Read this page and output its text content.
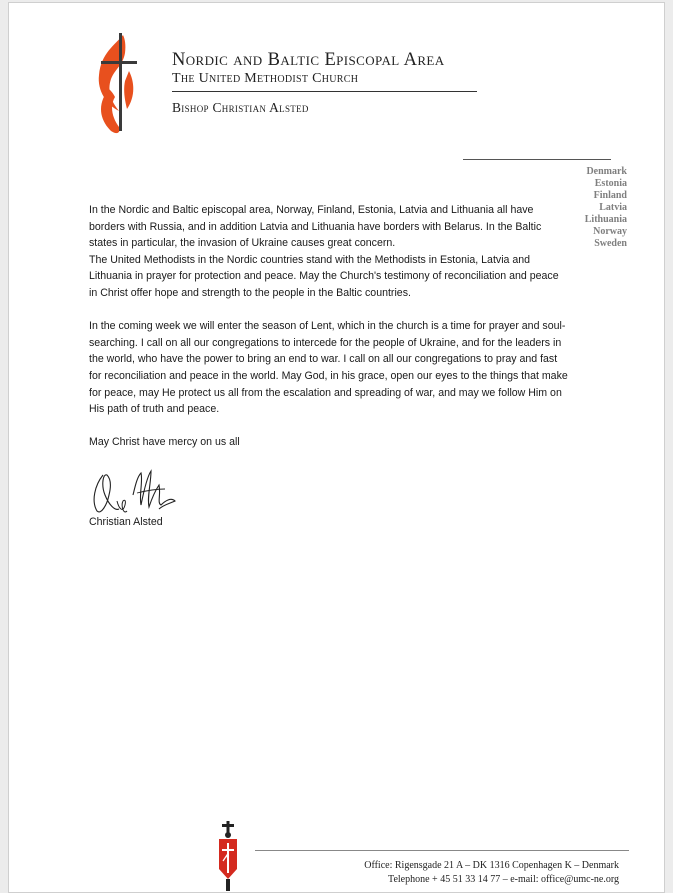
Nordic and Baltic Episcopal Area
The United Methodist Church
Bishop Christian Alsted
Denmark
Estonia
Finland
Latvia
Lithuania
Norway
Sweden

In the Nordic and Baltic episcopal area, Norway, Finland, Estonia, Latvia and Lithuania all have borders with Russia, and in addition Latvia and Lithuania have borders with Belarus. In the Baltic states in particular, the invasion of Ukraine causes great concern.

The United Methodists in the Nordic countries stand with the Methodists in Estonia, Latvia and Lithuania in prayer for protection and peace. May the Church's testimony of reconciliation and peace in Christ offer hope and strength to the people in the Baltic countries.

In the coming week we will enter the season of Lent, which in the church is a time for prayer and soul-searching. I call on all our congregations to intercede for the people of Ukraine, and for the leaders in the world, who have the power to bring an end to war. I call on all our congregations to pray and fast for reconciliation and peace in the world. May God, in his grace, open our eyes to the things that make for peace, may He protect us all from the escalation and spreading of war, and may we follow Him on His path of truth and peace.

May Christ have mercy on us all

Christian Alsted
Office: Rigensgade 21 A – DK 1316 Copenhagen K – Denmark
Telephone + 45 51 33 14 77 – e-mail: office@umc-ne.org
